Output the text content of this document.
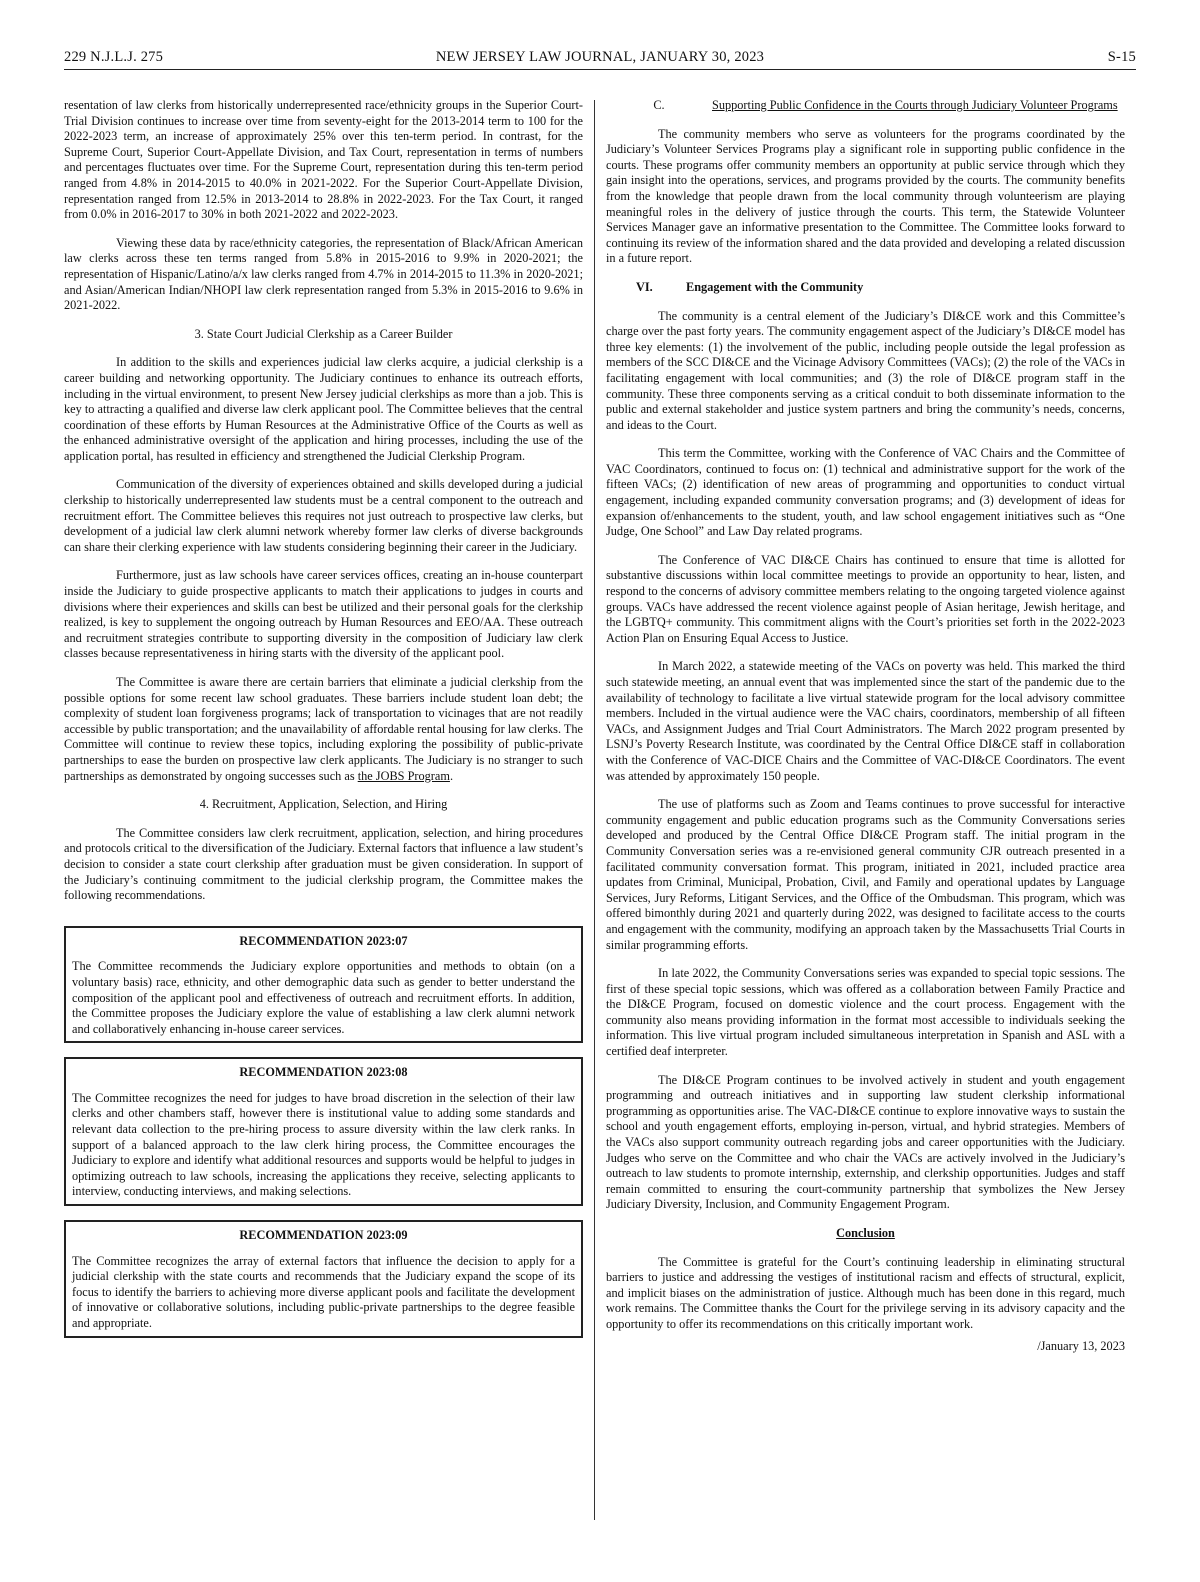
229 N.J.L.J. 275	NEW JERSEY LAW JOURNAL, JANUARY 30, 2023	S-15

resentation of law clerks from historically underrepresented race/ethnicity groups in the Superior Court-Trial Division continues to increase over time from seventy-eight for the 2013-2014 term to 100 for the 2022-2023 term, an increase of approximately 25% over this ten-term period. In contrast, for the Supreme Court, Superior Court-Appellate Division, and Tax Court, representation in terms of numbers and percentages fluctuates over time. For the Supreme Court, representation during this ten-term period ranged from 4.8% in 2014-2015 to 40.0% in 2021-2022. For the Superior Court-Appellate Division, representation ranged from 12.5% in 2013-2014 to 28.8% in 2022-2023. For the Tax Court, it ranged from 0.0% in 2016-2017 to 30% in both 2021-2022 and 2022-2023.

Viewing these data by race/ethnicity categories, the representation of Black/African American law clerks across these ten terms ranged from 5.8% in 2015-2016 to 9.9% in 2020-2021; the representation of Hispanic/Latino/a/x law clerks ranged from 4.7% in 2014-2015 to 11.3% in 2020-2021; and Asian/American Indian/NHOPI law clerk representation ranged from 5.3% in 2015-2016 to 9.6% in 2021-2022.

3. State Court Judicial Clerkship as a Career Builder

In addition to the skills and experiences judicial law clerks acquire, a judicial clerkship is a career building and networking opportunity. The Judiciary continues to enhance its outreach efforts, including in the virtual environment, to present New Jersey judicial clerkships as more than a job. This is key to attracting a qualified and diverse law clerk applicant pool. The Committee believes that the central coordination of these efforts by Human Resources at the Administrative Office of the Courts as well as the enhanced administrative oversight of the application and hiring processes, including the use of the application portal, has resulted in efficiency and strengthened the Judicial Clerkship Program.

Communication of the diversity of experiences obtained and skills developed during a judicial clerkship to historically underrepresented law students must be a central component to the outreach and recruitment effort. The Committee believes this requires not just outreach to prospective law clerks, but development of a judicial law clerk alumni network whereby former law clerks of diverse backgrounds can share their clerking experience with law students considering beginning their career in the Judiciary.

Furthermore, just as law schools have career services offices, creating an in-house counterpart inside the Judiciary to guide prospective applicants to match their applications to judges in courts and divisions where their experiences and skills can best be utilized and their personal goals for the clerkship realized, is key to supplement the ongoing outreach by Human Resources and EEO/AA. These outreach and recruitment strategies contribute to supporting diversity in the composition of Judiciary law clerk classes because representativeness in hiring starts with the diversity of the applicant pool.

The Committee is aware there are certain barriers that eliminate a judicial clerkship from the possible options for some recent law school graduates. These barriers include student loan debt; the complexity of student loan forgiveness programs; lack of transportation to vicinages that are not readily accessible by public transportation; and the unavailability of affordable rental housing for law clerks. The Committee will continue to review these topics, including exploring the possibility of public-private partnerships to ease the burden on prospective law clerk applicants. The Judiciary is no stranger to such partnerships as demonstrated by ongoing successes such as the JOBS Program.

4. Recruitment, Application, Selection, and Hiring

The Committee considers law clerk recruitment, application, selection, and hiring procedures and protocols critical to the diversification of the Judiciary. External factors that influence a law student’s decision to consider a state court clerkship after graduation must be given consideration. In support of the Judiciary’s continuing commitment to the judicial clerkship program, the Committee makes the following recommendations.

RECOMMENDATION 2023:07

The Committee recommends the Judiciary explore opportunities and methods to obtain (on a voluntary basis) race, ethnicity, and other demographic data such as gender to better understand the composition of the applicant pool and effectiveness of outreach and recruitment efforts. In addition, the Committee proposes the Judiciary explore the value of establishing a law clerk alumni network and collaboratively enhancing in-house career services.

RECOMMENDATION 2023:08

The Committee recognizes the need for judges to have broad discretion in the selection of their law clerks and other chambers staff, however there is institutional value to adding some standards and relevant data collection to the pre-hiring process to assure diversity within the law clerk ranks. In support of a balanced approach to the law clerk hiring process, the Committee encourages the Judiciary to explore and identify what additional resources and supports would be helpful to judges in optimizing outreach to law schools, increasing the applications they receive, selecting applicants to interview, conducting interviews, and making selections.

RECOMMENDATION 2023:09

The Committee recognizes the array of external factors that influence the decision to apply for a judicial clerkship with the state courts and recommends that the Judiciary expand the scope of its focus to identify the barriers to achieving more diverse applicant pools and facilitate the development of innovative or collaborative solutions, including public-private partnerships to the degree feasible and appropriate.

C.	Supporting Public Confidence in the Courts through Judiciary Volunteer Programs

The community members who serve as volunteers for the programs coordinated by the Judiciary’s Volunteer Services Programs play a significant role in supporting public confidence in the courts. These programs offer community members an opportunity at public service through which they gain insight into the operations, services, and programs provided by the courts. The community benefits from the knowledge that people drawn from the local community through volunteerism are playing meaningful roles in the delivery of justice through the courts. This term, the Statewide Volunteer Services Manager gave an informative presentation to the Committee. The Committee looks forward to continuing its review of the information shared and the data provided and developing a related discussion in a future report.

VI.	Engagement with the Community

The community is a central element of the Judiciary’s DI&CE work and this Committee’s charge over the past forty years. The community engagement aspect of the Judiciary’s DI&CE model has three key elements: (1) the involvement of the public, including people outside the legal profession as members of the SCC DI&CE and the Vicinage Advisory Committees (VACs); (2) the role of the VACs in facilitating engagement with local communities; and (3) the role of DI&CE program staff in the community. These three components serving as a critical conduit to both disseminate information to the public and external stakeholder and justice system partners and bring the community’s needs, concerns, and ideas to the Court.

This term the Committee, working with the Conference of VAC Chairs and the Committee of VAC Coordinators, continued to focus on: (1) technical and administrative support for the work of the fifteen VACs; (2) identification of new areas of programming and opportunities to conduct virtual engagement, including expanded community conversation programs; and (3) development of ideas for expansion of/enhancements to the student, youth, and law school engagement initiatives such as “One Judge, One School” and Law Day related programs.

The Conference of VAC DI&CE Chairs has continued to ensure that time is allotted for substantive discussions within local committee meetings to provide an opportunity to hear, listen, and respond to the concerns of advisory committee members relating to the ongoing targeted violence against groups. VACs have addressed the recent violence against people of Asian heritage, Jewish heritage, and the LGBTQ+ community. This commitment aligns with the Court’s priorities set forth in the 2022-2023 Action Plan on Ensuring Equal Access to Justice.

In March 2022, a statewide meeting of the VACs on poverty was held. This marked the third such statewide meeting, an annual event that was implemented since the start of the pandemic due to the availability of technology to facilitate a live virtual statewide program for the local advisory committee members. Included in the virtual audience were the VAC chairs, coordinators, membership of all fifteen VACs, and Assignment Judges and Trial Court Administrators. The March 2022 program presented by LSNJ’s Poverty Research Institute, was coordinated by the Central Office DI&CE staff in collaboration with the Conference of VAC-DICE Chairs and the Committee of VAC-DI&CE Coordinators. The event was attended by approximately 150 people.

The use of platforms such as Zoom and Teams continues to prove successful for interactive community engagement and public education programs such as the Community Conversations series developed and produced by the Central Office DI&CE Program staff. The initial program in the Community Conversation series was a re-envisioned general community CJR outreach presented in a facilitated community conversation format. This program, initiated in 2021, included practice area updates from Criminal, Municipal, Probation, Civil, and Family and operational updates by Language Services, Jury Reforms, Litigant Services, and the Office of the Ombudsman. This program, which was offered bimonthly during 2021 and quarterly during 2022, was designed to facilitate access to the courts and engagement with the community, modifying an approach taken by the Massachusetts Trial Courts in similar programming efforts.

In late 2022, the Community Conversations series was expanded to special topic sessions. The first of these special topic sessions, which was offered as a collaboration between Family Practice and the DI&CE Program, focused on domestic violence and the court process. Engagement with the community also means providing information in the format most accessible to individuals seeking the information. This live virtual program included simultaneous interpretation in Spanish and ASL with a certified deaf interpreter.

The DI&CE Program continues to be involved actively in student and youth engagement programming and outreach initiatives and in supporting law student clerkship informational programming as opportunities arise. The VAC-DI&CE continue to explore innovative ways to sustain the school and youth engagement efforts, employing in-person, virtual, and hybrid strategies. Members of the VACs also support community outreach regarding jobs and career opportunities with the Judiciary. Judges who serve on the Committee and who chair the VACs are actively involved in the Judiciary’s outreach to law students to promote internship, externship, and clerkship opportunities. Judges and staff remain committed to ensuring the court-community partnership that symbolizes the New Jersey Judiciary Diversity, Inclusion, and Community Engagement Program.

Conclusion

The Committee is grateful for the Court’s continuing leadership in eliminating structural barriers to justice and addressing the vestiges of institutional racism and effects of structural, explicit, and implicit biases on the administration of justice. Although much has been done in this regard, much work remains. The Committee thanks the Court for the privilege serving in its advisory capacity and the opportunity to offer its recommendations on this critically important work.

/January 13, 2023
